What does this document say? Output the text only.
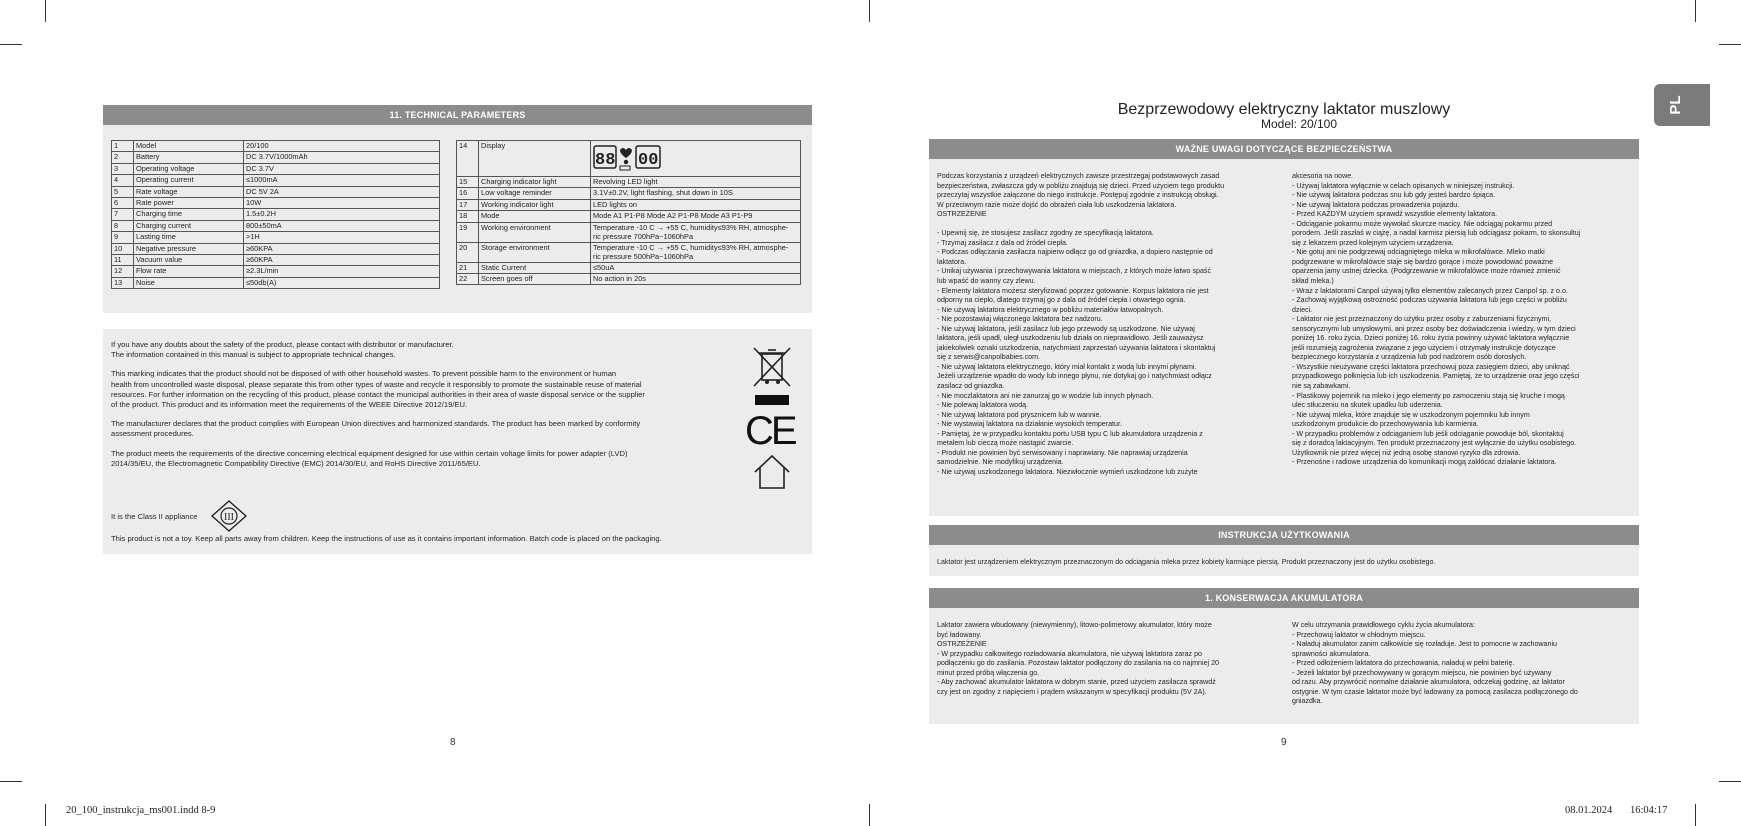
11. TECHNICAL PARAMETERS
1	Model	20/100
2	Battery	DC 3.7V/1000mAh
3	Operating voltage	DC 3.7V
4	Operating current	≤1000mA
5	Rate voltage	DC 5V 2A
6	Rate power	10W
7	Charging time	1.5±0.2H
8	Charging current	800±50mA
9	Lasting time	>1H
10	Negative pressure	≥60KPA
11	Vacuum value	≥60KPA
12	Flow rate	≥2.3L/min
13	Noise	≤50db(A)
14	Display	88 00

15	Charging indicator light	Revolving LED light
16	Low voltage reminder	3.1V±0.2V, light flashing, shut down in 10S
17	Working indicator light	LED lights on
18	Mode	Mode A1 P1-P8 Mode A2 P1-P8 Mode A3 P1-P9
19	Working environment	Temperature -10 C → +55 C, humidity≤93% RH, atmosphe-
ric pressure 700hPa~1060hPa

20	Storage environment	Temperature -10 C → +55 C, humidity≤93% RH, atmosphe-
ric pressure 500hPa~1060hPa

21	Static Current	≤50uA
22	Screen goes off	No action in 20s

If you have any doubts about the safety of the product, please contact with distributor or manufacturer.

The information contained in this manual is subject to appropriate technical changes.

This marking indicates that the product should not be disposed of with other household wastes. To prevent possible harm to the environment or human

health from uncontrolled waste disposal, please separate this from other types of waste and recycle it responsibly to promote the sustainable reuse of material

resources. For further information on the recycling of this product, please contact the municipal authorities in their area of waste disposal service or the supplier

of the product. This product and its information meet the requirements of the WEEE Directive 2012/19/EU.

The manufacturer declares that the product complies with European Union directives and harmonized standards. The product has been marked by conformity

assessment procedures.

The product meets the requirements of the directive concerning electrical equipment designed for use within certain voltage limits for power adapter (LVD)

2014/35/EU, the Electromagnetic Compatibility Directive (EMC) 2014/30/EU, and RoHS Directive 2011/65/EU.

It is the Class II appliance	III
This product is not a toy. Keep all parts away from children. Keep the instructions of use as it contains important information. Batch code is placed on the packaging.
CE
8
PL
Bezprzewodowy elektryczny laktator muszlowy
Model: 20/100
WAŻNE UWAGI DOTYCZĄCE BEZPIECZEŃSTWA

Podczas korzystania z urządzeń elektrycznych zawsze przestrzegaj podstawowych zasad

bezpieczeństwa, zwłaszcza gdy w pobliżu znajdują się dzieci. Przed użyciem tego produktu

przeczytaj wszystkie załączone do niego instrukcje. Postępuj zgodnie z instrukcją obsługi.

W przeciwnym razie może dojść do obrażeń ciała lub uszkodzenia laktatora.

OSTRZEŻENIE

- Upewnij się, że stosujesz zasilacz zgodny ze specyfikacją laktatora.

- Trzymaj zasilacz z dala od źródeł ciepła.

- Podczas odłączania zasilacza najpierw odłącz go od gniazdka, a dopiero następnie od

laktatora.

- Unikaj używania i przechowywania laktatora w miejscach, z których może łatwo spaść

lub wpaść do wanny czy zlewu.

- Elementy laktatora możesz sterylizować poprzez gotowanie. Korpus laktatora nie jest

odporny na ciepło, dlatego trzymaj go z dala od źródeł ciepła i otwartego ognia.

- Nie używaj laktatora elektrycznego w pobliżu materiałów łatwopalnych.

- Nie pozostawiaj włączonego laktatora bez nadzoru.

- Nie używaj laktatora, jeśli zasilacz lub jego przewody są uszkodzone. Nie używaj

laktatora, jeśli upadł, uległ uszkodzeniu lub działa on nieprawidłowo. Jeśli zauważysz

jakiekolwiek oznaki uszkodzenia, natychmiast zaprzestań używania laktatora i skontaktuj

się z serwis@canpolbabies.com.

- Nie używaj laktatora elektrycznego, który miał kontakt z wodą lub innymi płynami.

Jeżeli urządzenie wpadło do wody lub innego płynu, nie dotykaj go i natychmiast odłącz

zasilacz od gniazdka.

- Nie moczlaktatora ani nie zanurzaj go w wodzie lub innych płynach.

- Nie polewaj laktatora wodą.

- Nie używaj laktatora pod prysznicem lub w wannie.

- Nie wystawiaj laktatora na działanie wysokich temperatur.

- Pamiętaj, że w przypadku kontaktu portu USB typu C lub akumulatora urządzenia z

metalem lub cieczą może nastąpić zwarcie.

- Produkt nie powinien być serwisowany i naprawiany. Nie naprawiaj urządzenia

samodzielnie. Nie modyfikuj urządzenia.

- Nie używaj uszkodzonego laktatora. Niezwłocznie wymień uszkodzone lub zużyte

akcesoria na nowe.

- Używaj laktatora wyłącznie w celach opisanych w niniejszej instrukcji.

- Nie używaj laktatora podczas snu lub gdy jesteś bardzo śpiąca.

- Nie używaj laktatora podczas prowadzenia pojazdu.

- Przed KAŻDYM użyciem sprawdź wszystkie elementy laktatora.

- Odciąganie pokarmu może wywołać skurcze macicy. Nie odciągaj pokarmu przed

porodem. Jeśli zaszłaś w ciążę, a nadal karmisz piersią lub odciągasz pokarm, to skonsultuj

się z lekarzem przed kolejnym użyciem urządzenia.

- Nie gotuj ani nie podgrzewaj odciągniętego mleka w mikrofalówce. Mleko matki

podgrzewane w mikrofalówce staje się bardzo gorące i może powodować poważne

oparzenia jamy ustnej dziecka. (Podgrzewanie w mikrofalówce może również zmienić

skład mleka.)

- Wraz z laktatorami Canpol używaj tylko elementów zalecanych przez Canpol sp. z o.o.

- Zachowaj wyjątkową ostrożność podczas używania laktatora lub jego części w pobliżu

dzieci.

- Laktator nie jest przeznaczony do użytku przez osoby z zaburzeniami fizycznymi,

sensorycznymi lub umysłowymi, ani przez osoby bez doświadczenia i wiedzy, w tym dzieci

poniżej 16. roku życia. Dzieci poniżej 16. roku życia powinny używać laktatora wyłącznie

jeśli rozumieją zagrożenia związane z jego użyciem i otrzymały instrukcje dotyczące

bezpiecznego korzystania z urządzenia lub pod nadzorem osób dorosłych.

- Wszystkie nieużywane części laktatora przechowuj poza zasięgiem dzieci, aby uniknąć

przypadkowego połknięcia lub ich uszkodzenia. Pamiętaj, że to urządzenie oraz jego części

nie są zabawkami.

- Plastikowy pojemnik na mleko i jego elementy po zamoczeniu stają się kruche i mogą

ulec stłuczeniu na skutek upadku lub uderzenia.

- Nie używaj mleka, które znajduje się w uszkodzonym pojemniku lub innym

uszkodzonym produkcie do przechowywania lub karmienia.

- W przypadku problemów z odciąganiem lub jeśli odciąganie powoduje ból, skontaktuj

się z doradcą laktacyjnym. Ten produkt przeznaczony jest wyłącznie do użytku osobistego.

Użytkownik nie przez więcej niż jedną osobę stanowi ryzyko dla zdrowia.

- Przenośne i radiowe urządzenia do komunikacji mogą zakłócać działanie laktatora.

INSTRUKCJA UŻYTKOWANIA
Laktator jest urządzeniem elektrycznym przeznaczonym do odciągania mleka przez kobiety karmiące piersią. Produkt przeznaczony jest do użytku osobistego.
1. KONSERWACJA AKUMULATORA

Laktator zawiera wbudowany (niewymienny), litowo-polimerowy akumulator, który może

być ładowany.

OSTRZEŻENIE

- W przypadku całkowitego rozładowania akumulatora, nie używaj laktatora zaraz po

podłączeniu go do zasilania. Pozostaw laktator podłączony do zasilania na co najmniej 20

minut przed próbą włączenia go.

- Aby zachować akumulator laktatora w dobrym stanie, przed użyciem zasilacza sprawdź

czy jest on zgodny z napięciem i prądem wskazanym w specyfikacji produktu (5V 2A).

W celu utrzymania prawidłowego cyklu życia akumulatora:

- Przechowuj laktator w chłodnym miejscu.

- Naładuj akumulator zanim całkowicie się rozładuje. Jest to pomocne w zachowaniu

sprawności akumulatora.

- Przed odłożeniem laktatora do przechowania, naładuj w pełni baterię.

- Jeżeli laktator był przechowywany w gorącym miejscu, nie powinien być używany

od razu. Aby przywrócić normalne działanie akumulatora, odczekaj godzinę, aż laktator

ostygnie. W tym czasie laktator może być ładowany za pomocą zasilacza podłączonego do

gniazdka.

9
20_100_instrukcja_ms001.indd 8-9	08.01.2024 16:04:17
